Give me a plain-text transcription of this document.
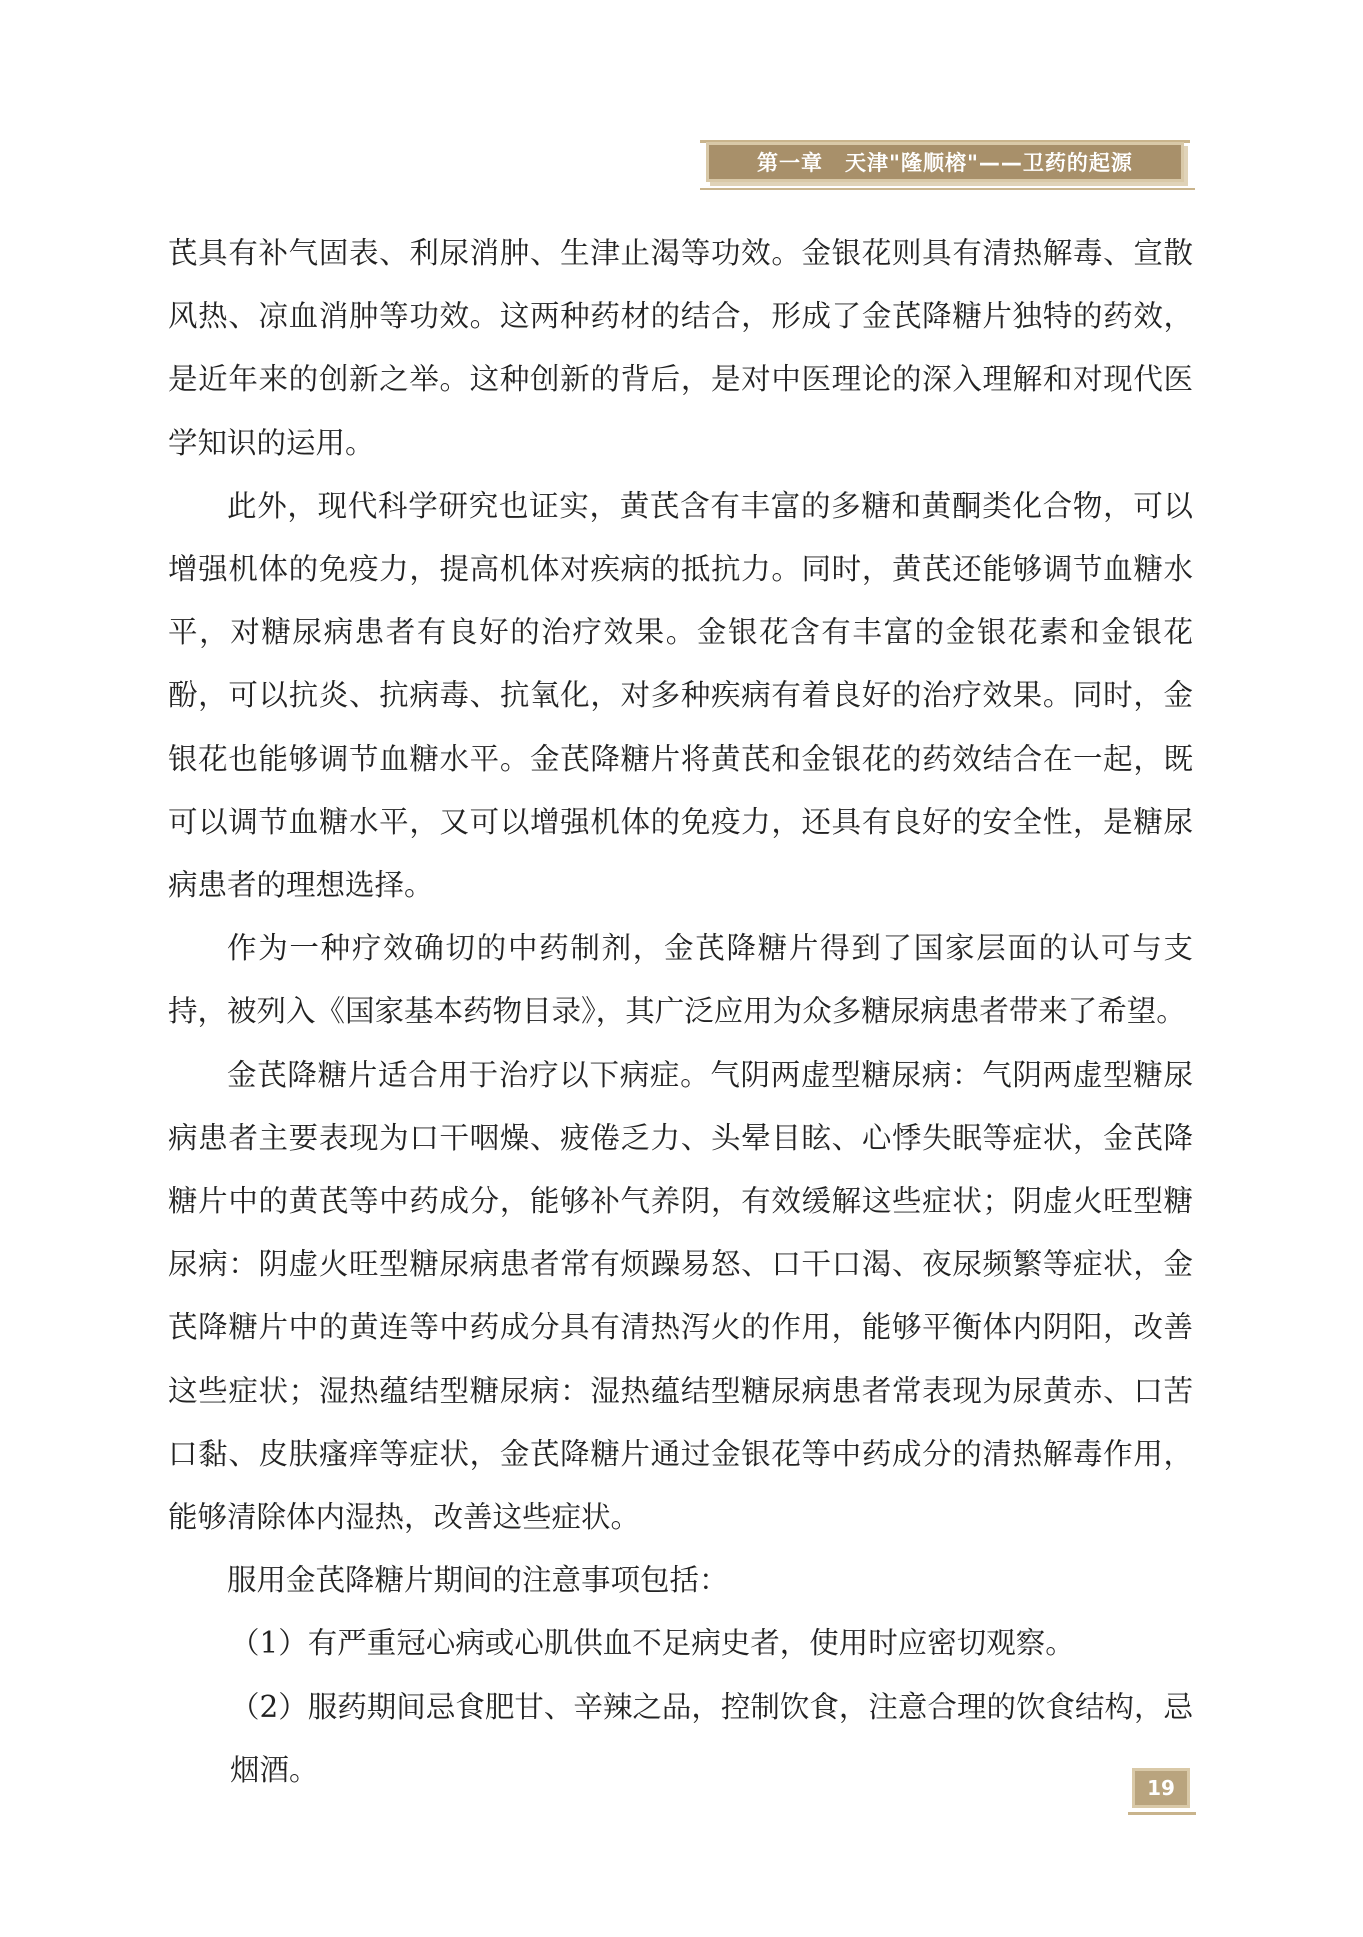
第一章　天津"隆顺榕"——卫药的起源

芪具有补气固表、利尿消肿、生津止渴等功效。金银花则具有清热解毒、宣散风热、凉血消肿等功效。这两种药材的结合，形成了金芪降糖片独特的药效，是近年来的创新之举。这种创新的背后，是对中医理论的深入理解和对现代医学知识的运用。

此外，现代科学研究也证实，黄芪含有丰富的多糖和黄酮类化合物，可以增强机体的免疫力，提高机体对疾病的抵抗力。同时，黄芪还能够调节血糖水平，对糖尿病患者有良好的治疗效果。金银花含有丰富的金银花素和金银花酚，可以抗炎、抗病毒、抗氧化，对多种疾病有着良好的治疗效果。同时，金银花也能够调节血糖水平。金芪降糖片将黄芪和金银花的药效结合在一起，既可以调节血糖水平，又可以增强机体的免疫力，还具有良好的安全性，是糖尿病患者的理想选择。

作为一种疗效确切的中药制剂，金芪降糖片得到了国家层面的认可与支持，被列入《国家基本药物目录》，其广泛应用为众多糖尿病患者带来了希望。

金芪降糖片适合用于治疗以下病症。气阴两虚型糖尿病：气阴两虚型糖尿病患者主要表现为口干咽燥、疲倦乏力、头晕目眩、心悸失眠等症状，金芪降糖片中的黄芪等中药成分，能够补气养阴，有效缓解这些症状；阴虚火旺型糖尿病：阴虚火旺型糖尿病患者常有烦躁易怒、口干口渴、夜尿频繁等症状，金芪降糖片中的黄连等中药成分具有清热泻火的作用，能够平衡体内阴阳，改善这些症状；湿热蕴结型糖尿病：湿热蕴结型糖尿病患者常表现为尿黄赤、口苦口黏、皮肤瘙痒等症状，金芪降糖片通过金银花等中药成分的清热解毒作用，能够清除体内湿热，改善这些症状。

服用金芪降糖片期间的注意事项包括：

（1）有严重冠心病或心肌供血不足病史者，使用时应密切观察。

（2）服药期间忌食肥甘、辛辣之品，控制饮食，注意合理的饮食结构，忌烟酒。

19
